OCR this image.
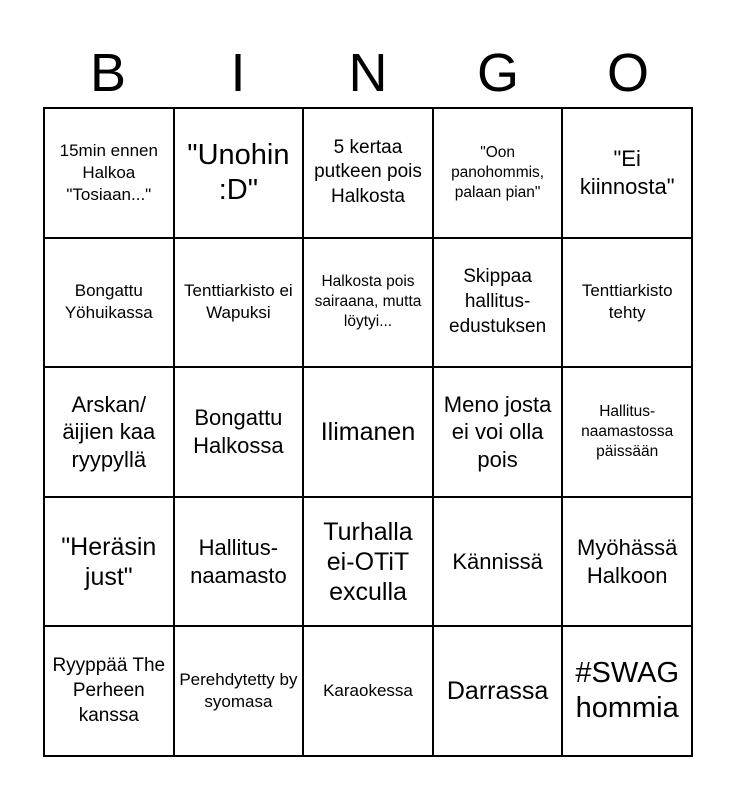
B	I	N	G	O
15min ennen Halkoa "Tosiaan..."
"Unohin :D"
5 kertaa putkeen pois Halkosta
"Oon panohommis, palaan pian"
"Ei kiinnosta"
Bongattu Yöhuikassa
Tenttiarkisto ei Wapuksi
Halkosta pois sairaana, mutta löytyi...
Skippaa hallitus-edustuksen
Tenttiarkisto tehty
Arskan/ äijien kaa ryypyllä
Bongattu Halkossa	Ilimanen
Meno josta ei voi olla pois
Hallitus-naamastossa päissään
"Heräsin just"
Hallitus-naamasto
Turhalla ei-OTiT exculla
Kännissä
Myöhässä Halkoon
Ryyppää The Perheen kanssa
Perehdytetty by syomasa
Karaokessa	Darrassa
#SWAG hommia
